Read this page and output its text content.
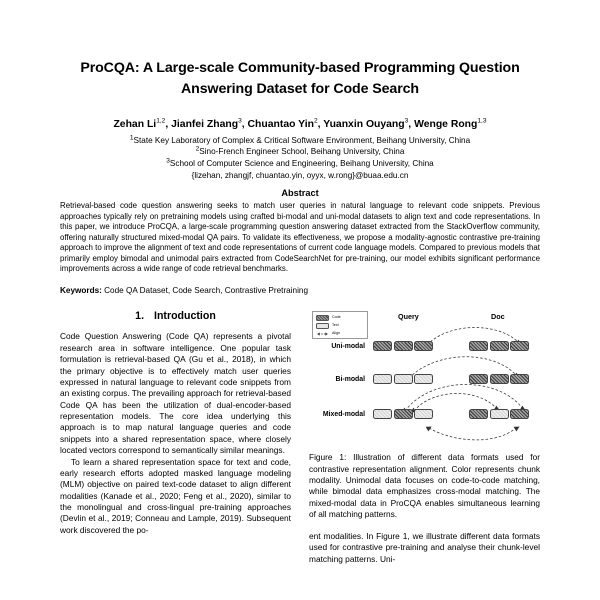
ProCQA: A Large-scale Community-based Programming Question Answering Dataset for Code Search
Zehan Li$^{1,2}$, Jianfei Zhang$^3$, Chuantao Yin$^2$, Yuanxin Ouyang$^3$, Wenge Rong$^{1,3}$
$^1$State Key Laboratory of Complex & Critical Software Environment, Beihang University, China
$^2$Sino-French Engineer School, Beihang University, China
$^3$School of Computer Science and Engineering, Beihang University, China
{lizehan, zhangjf, chuantao.yin, oyyx, w.rong}@buaa.edu.cn
Abstract
Retrieval-based code question answering seeks to match user queries in natural language to relevant code snippets. Previous approaches typically rely on pretraining models using crafted bi-modal and uni-modal datasets to align text and code representations. In this paper, we introduce ProCQA, a large-scale programming question answering dataset extracted from the StackOverflow community, offering naturally structured mixed-modal QA pairs. To validate its effectiveness, we propose a modality-agnostic contrastive pre-training approach to improve the alignment of text and code representations of current code language models. Compared to previous models that primarily employ bimodal and unimodal pairs extracted from CodeSearchNet for pre-training, our model exhibits significant performance improvements across a wide range of code retrieval benchmarks.
Keywords: Code QA Dataset, Code Search, Contrastive Pretraining
1. Introduction

Code Question Answering (Code QA) represents a pivotal research area in software intelligence. One popular task formulation is retrieval-based QA (Gu et al., 2018), in which the primary objective is to effectively match user queries expressed in natural language to relevant code snippets from an existing corpus. The prevailing approach for retrieval-based Code QA has been the utilization of dual-encoder-based representation models. The core idea underlying this approach is to map natural language queries and code snippets into a shared representation space, where closely located vectors correspond to semantically similar meanings.

To learn a shared representation space for text and code, early research efforts adopted masked language modeling (MLM) objective on paired text-code dataset to align different modalities (Kanade et al., 2020; Feng et al., 2020), similar to the monolingual and cross-lingual pre-training approaches (Devlin et al., 2019; Conneau and Lample, 2019). Subsequent work discovered the po-

Code
Text
Align
Query	Doc
Uni-modal
Bi-modal
Mixed-modal
Figure 1: Illustration of different data formats used for contrastive representation alignment. Color represents chunk modality. Unimodal data focuses on code-to-code matching, while bimodal data emphasizes cross-modal matching. The mixed-modal data in ProCQA enables simultaneous learning of all matching patterns.

ent modalities. In Figure 1, we illustrate different data formats used for contrastive pre-training and analyse their chunk-level matching patterns. Uni-
